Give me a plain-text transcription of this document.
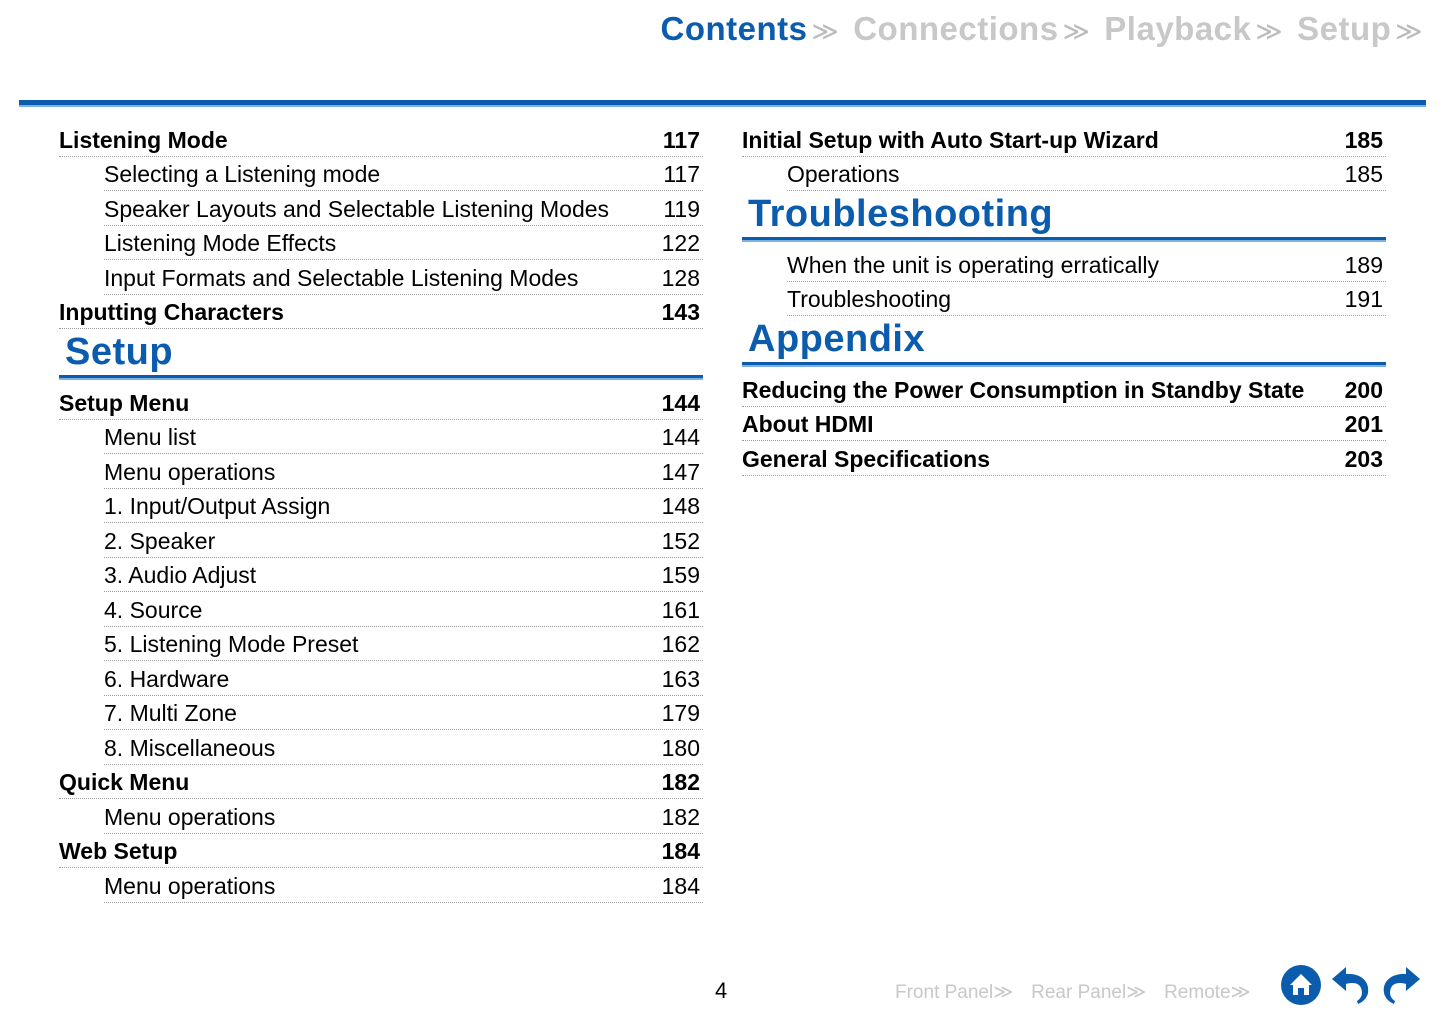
Contents ≫ Connections ≫ Playback ≫ Setup ≫
Listening Mode	117
Selecting a Listening mode	117
Speaker Layouts and Selectable Listening Modes 119
Listening Mode Effects	122
Input Formats and Selectable Listening Modes	128
Inputting Characters	143
Setup
Setup Menu	144
Menu list	144
Menu operations	147
1. Input/Output Assign	148
2. Speaker	152
3. Audio Adjust	159
4. Source	161
5. Listening Mode Preset	162
6. Hardware	163
7. Multi Zone	179
8. Miscellaneous	180
Quick Menu	182
Menu operations	182
Web Setup	184
Menu operations	184
Initial Setup with Auto Start-up Wizard	185
Operations	185
Troubleshooting
When the unit is operating erratically	189
Troubleshooting	191
Appendix
Reducing the Power Consumption in Standby State 200
About HDMI	201
General Specifications	203
4	Front Panel≫ Rear Panel≫ Remote≫
